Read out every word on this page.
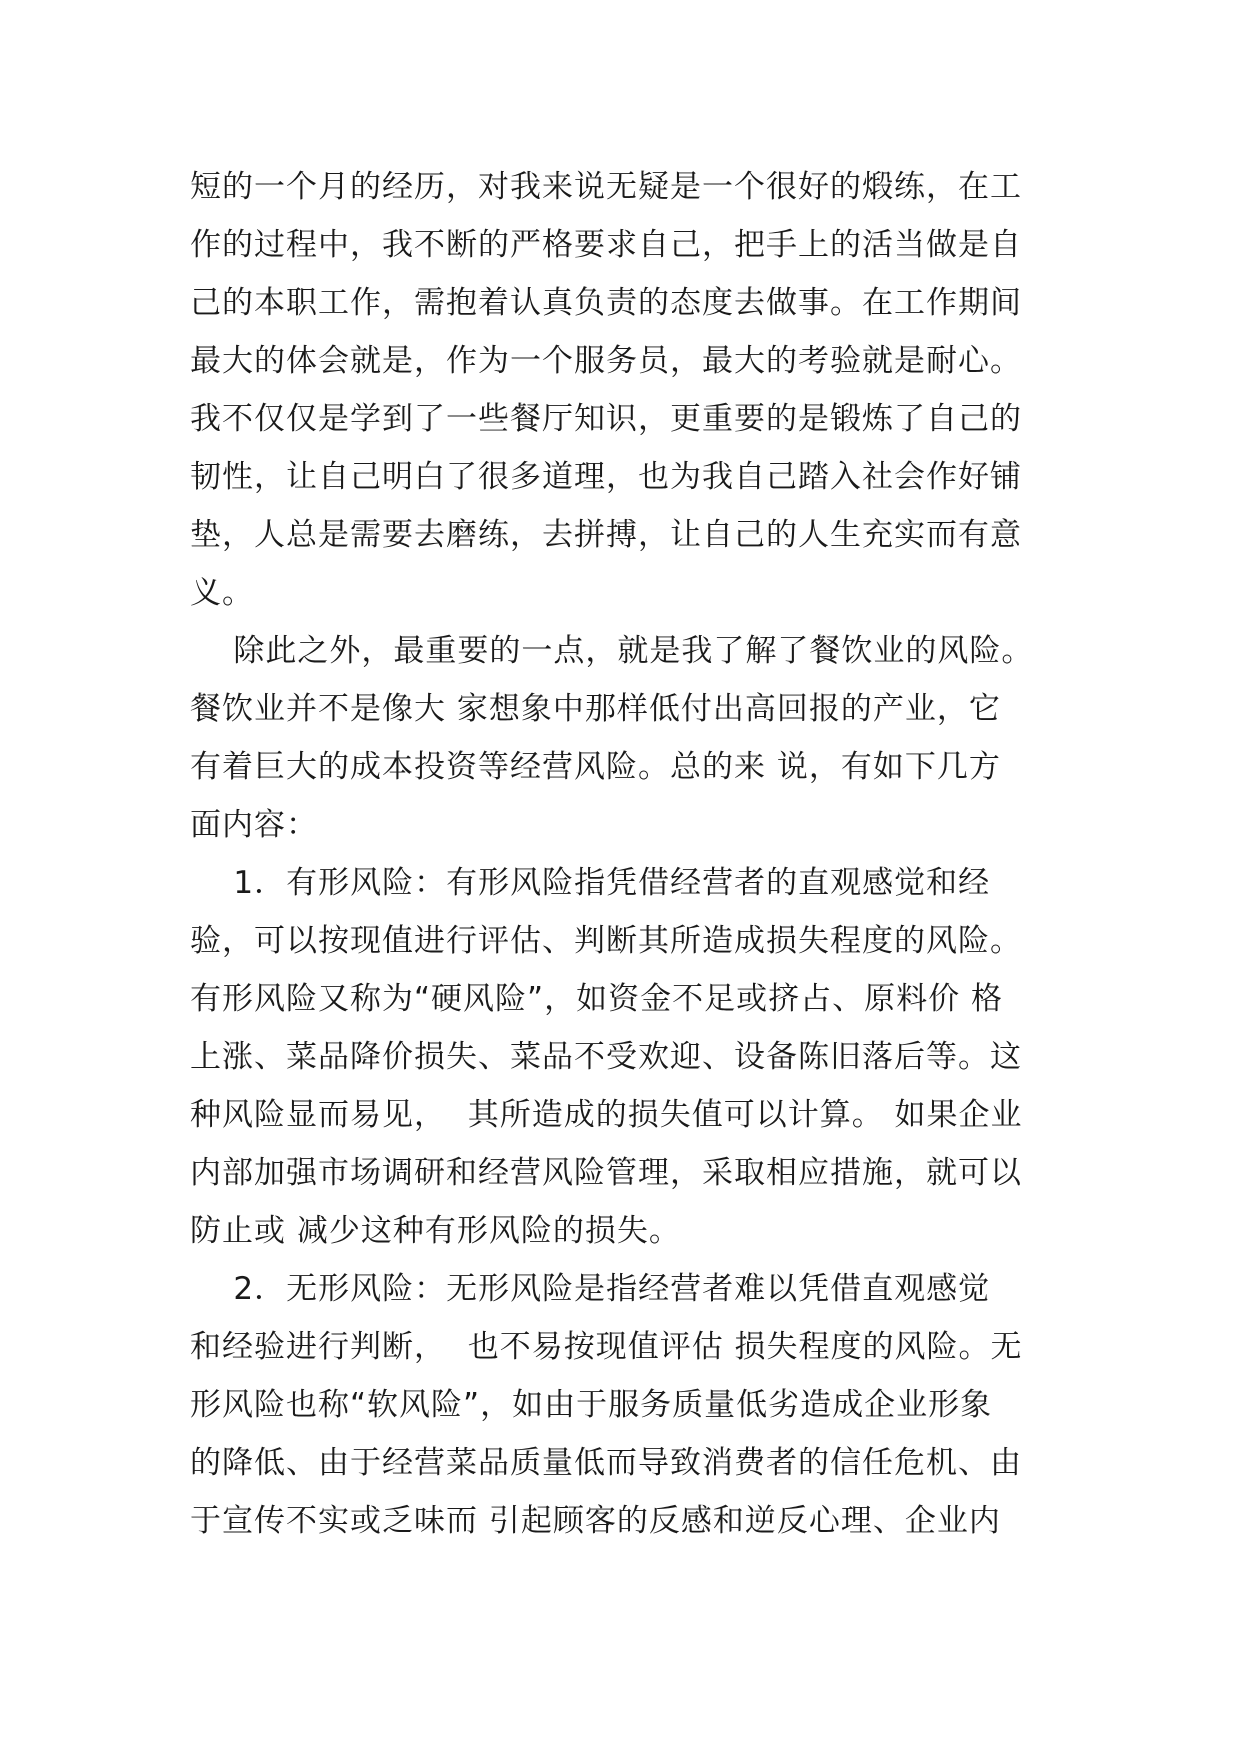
短的一个月的经历，对我来说无疑是一个很好的煅练，在工
作的过程中，我不断的严格要求自己，把手上的活当做是自
己的本职工作，需抱着认真负责的态度去做事。在工作期间
最大的体会就是，作为一个服务员，最大的考验就是耐心。
我不仅仅是学到了一些餐厅知识，更重要的是锻炼了自己的
韧性，让自己明白了很多道理，也为我自己踏入社会作好铺
垫，人总是需要去磨练，去拼搏，让自己的人生充实而有意
义。
除此之外，最重要的一点，就是我了解了餐饮业的风险。
餐饮业并不是像大 家想象中那样低付出高回报的产业，它
有着巨大的成本投资等经营风险。总的来 说，有如下几方
面内容：
1．有形风险：有形风险指凭借经营者的直观感觉和经
验，可以按现值进行评估、判断其所造成损失程度的风险。
有形风险又称为“硬风险”，如资金不足或挤占、原料价 格
上涨、菜品降价损失、菜品不受欢迎、设备陈旧落后等。这
种风险显而易见，  其所造成的损失值可以计算。 如果企业
内部加强市场调研和经营风险管理，采取相应措施，就可以
防止或 减少这种有形风险的损失。
2．无形风险：无形风险是指经营者难以凭借直观感觉
和经验进行判断，  也不易按现值评估 损失程度的风险。无
形风险也称“软风险”，如由于服务质量低劣造成企业形象
的降低、由于经营菜品质量低而导致消费者的信任危机、由
于宣传不实或乏味而 引起顾客的反感和逆反心理、企业内
